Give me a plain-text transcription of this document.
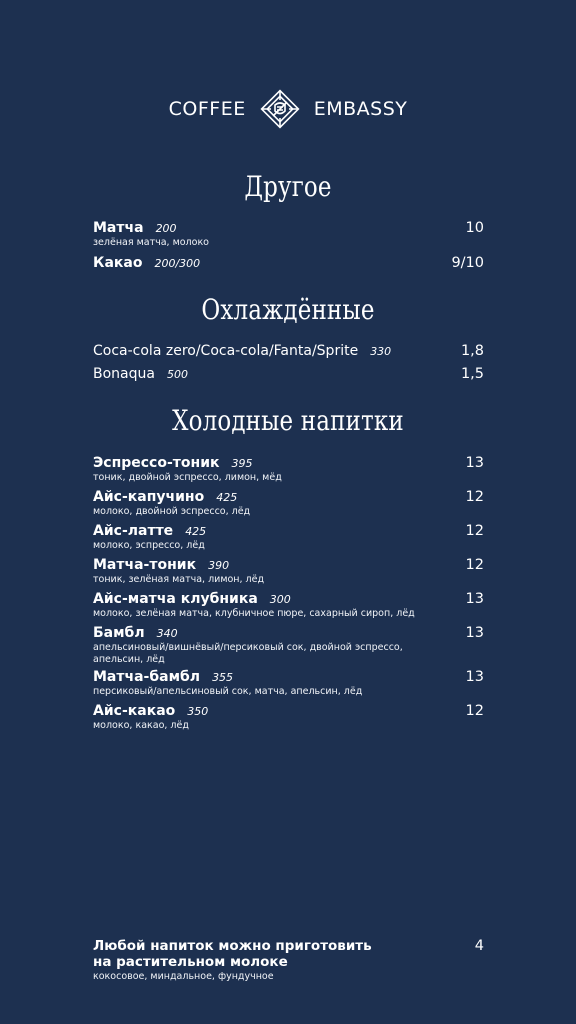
COFFEE	EMBASSY
Другое
Матча 200	10
зелёная матча, молоко
Какао 200/300	9/10
Охлаждённые
Coca-cola zero/Coca-cola/Fanta/Sprite 330	1,8
Bonaqua 500	1,5
Холодные напитки
Эспрессо-тоник 395	13
тоник, двойной эспрессо, лимон, мёд
Айс-капучино 425	12
молоко, двойной эспрессо, лёд
Айс-латте 425	12
молоко, эспрессо, лёд
Матча-тоник 390	12
тоник, зелёная матча, лимон, лёд
Айс-матча клубника 300	13
молоко, зелёная матча, клубничное пюре, сахарный сироп, лёд
Бамбл 340	13
апельсиновый/вишнёвый/персиковый сок, двойной эспрессо, апельсин, лёд
Матча-бамбл 355	13
персиковый/апельсиновый сок, матча, апельсин, лёд
Айс-какао 350	12
молоко, какао, лёд
Любой напиток можно приготовить на растительном молоке
4
кокосовое, миндальное, фундучное
